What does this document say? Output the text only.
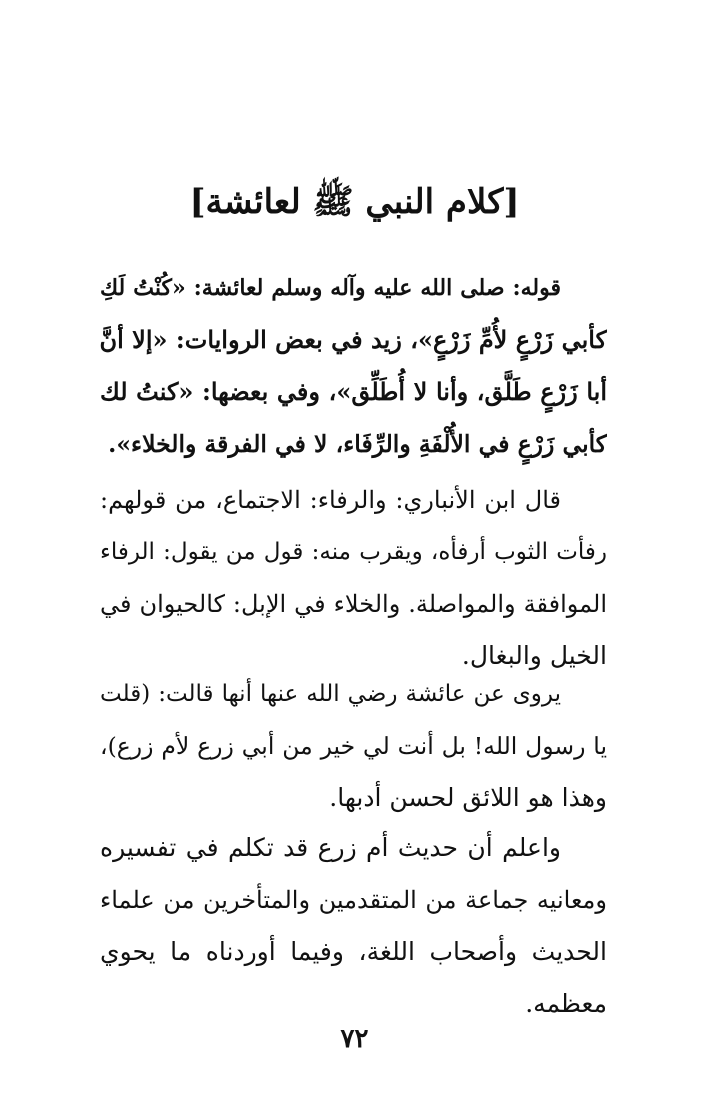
[كلام النبي ﷺ لعائشة]
قوله: صلى الله عليه وآله وسلم لعائشة: «كُنْتُ لَكِ
كأبي زَرْعٍ لأُمِّ زَرْعٍ»، زيد في بعض الروايات: «إلا أنَّ
أبا زَرْعٍ طَلَّق، وأنا لا أُطَلِّق»، وفي بعضها: «كنتُ لك
كأبي زَرْعٍ في الأُلْفَةِ والرِّفَاء، لا في الفرقة والخلاء».
قال ابن الأنباري: والرفاء: الاجتماع، من قولهم:
رفأت الثوب أرفأه، ويقرب منه: قول من يقول: الرفاء
الموافقة والمواصلة. والخلاء في الإبل: كالحيوان في
الخيل والبغال.
يروى عن عائشة رضي الله عنها أنها قالت: (قلت
يا رسول الله! بل أنت لي خير من أبي زرع لأم زرع)،
وهذا هو اللائق لحسن أدبها.
واعلم أن حديث أم زرع قد تكلم في تفسيره
ومعانيه جماعة من المتقدمين والمتأخرين من علماء
الحديث وأصحاب اللغة، وفيما أوردناه ما يحوي
معظمه.
٧٢
